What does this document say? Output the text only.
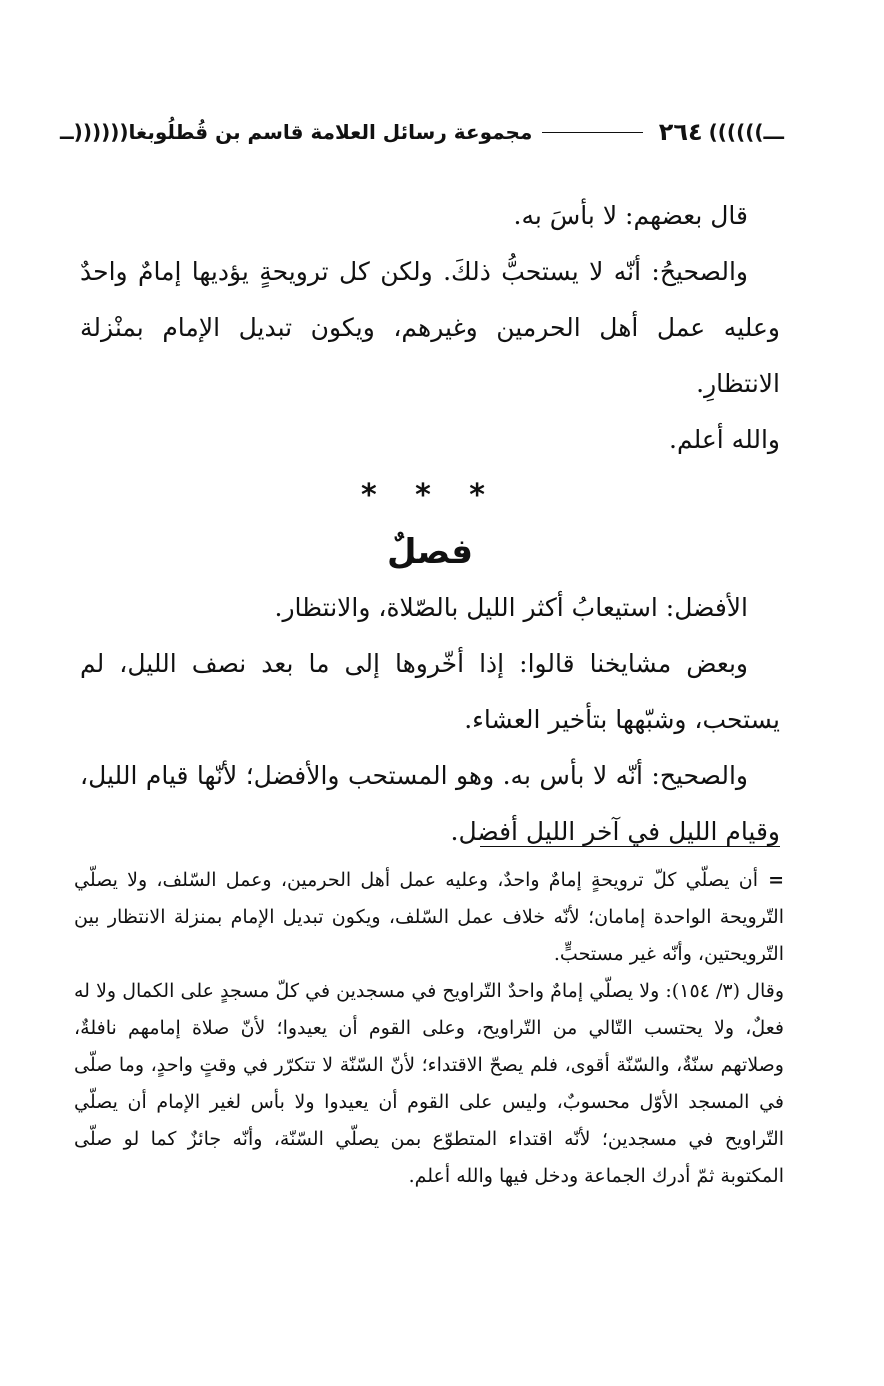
ـــ))))))
٢٦٤
مجموعة رسائل العلامة قاسم بن قُطلُوبغا
((((((ــ

قال بعضهم: لا بأسَ به.

والصحيحُ: أنّه لا يستحبُّ ذلكَ. ولكن كل ترويحةٍ يؤديها إمامٌ واحدٌ وعليه عمل أهل الحرمين وغيرهم، ويكون تبديل الإمام بمنْزلة الانتظارِ.

والله أعلم.

* * *

فصلٌ

الأفضل: استيعابُ أكثر الليل بالصّلاة، والانتظار.

وبعض مشايخنا قالوا: إذا أخّروها إلى ما بعد نصف الليل، لم يستحب، وشبّهها بتأخير العشاء.

والصحيح: أنّه لا بأس به. وهو المستحب والأفضل؛ لأنّها قيام الليل، وقيام الليل في آخر الليل أفضل.

=أن يصلّي كلّ ترويحةٍ إمامٌ واحدٌ، وعليه عمل أهل الحرمين، وعمل السّلف، ولا يصلّي التّرويحة الواحدة إمامان؛ لأنّه خلاف عمل السّلف، ويكون تبديل الإمام بمنزلة الانتظار بين التّرويحتين، وأنّه غير مستحبٍّ.

وقال (٣/ ١٥٤): ولا يصلّي إمامٌ واحدٌ التّراويح في مسجدين في كلّ مسجدٍ على الكمال ولا له فعلٌ، ولا يحتسب التّالي من التّراويح، وعلى القوم أن يعيدوا؛ لأنّ صلاة إمامهم نافلةٌ، وصلاتهم سنّةٌ، والسّنّة أقوى، فلم يصحّ الاقتداء؛ لأنّ السّنّة لا تتكرّر في وقتٍ واحدٍ، وما صلّى في المسجد الأوّل محسوبٌ، وليس على القوم أن يعيدوا ولا بأس لغير الإمام أن يصلّي التّراويح في مسجدين؛ لأنّه اقتداء المتطوّع بمن يصلّي السّنّة، وأنّه جائزٌ كما لو صلّى المكتوبة ثمّ أدرك الجماعة ودخل فيها والله أعلم.
